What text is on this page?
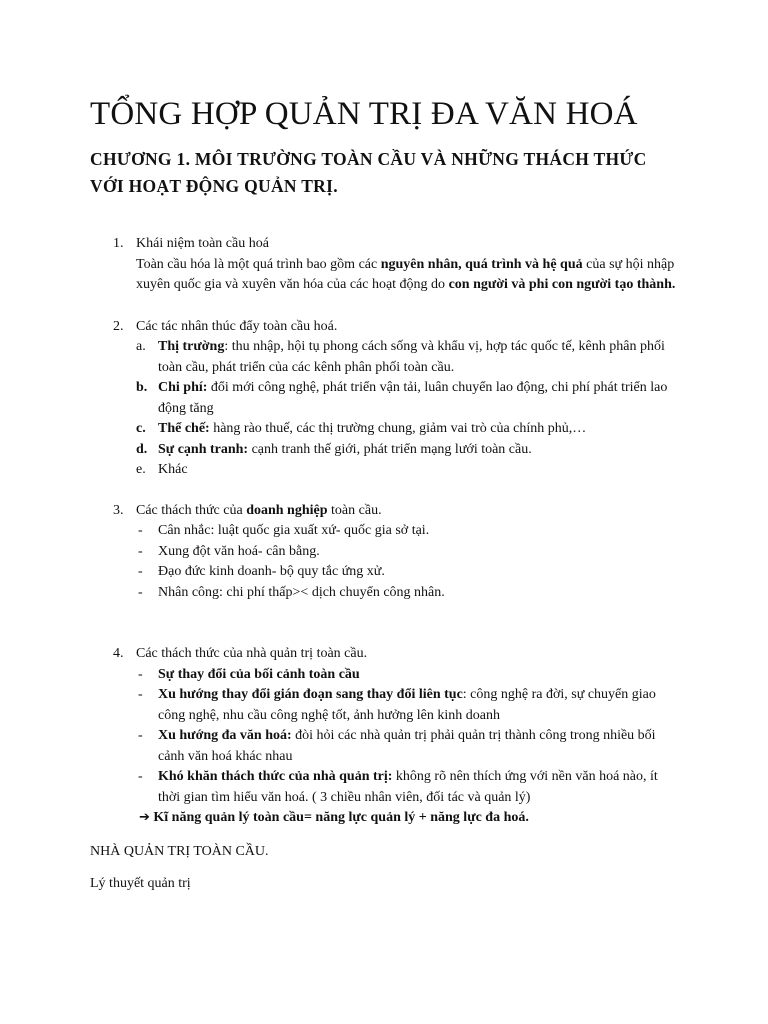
TỔNG HỢP QUẢN TRỊ ĐA VĂN HOÁ
CHƯƠNG 1. MÔI TRƯỜNG TOÀN CẦU VÀ NHỮNG THÁCH THỨC VỚI HOẠT ĐỘNG QUẢN TRỊ.
1. Khái niệm toàn cầu hoá
Toàn cầu hóa là một quá trình bao gồm các nguyên nhân, quá trình và hệ quả của sự hội nhập xuyên quốc gia và xuyên văn hóa của các hoạt động do con người và phi con người tạo thành.
2. Các tác nhân thúc đẩy toàn cầu hoá.
a. Thị trường: thu nhập, hội tụ phong cách sống và khẩu vị, hợp tác quốc tế, kênh phân phối toàn cầu, phát triển của các kênh phân phối toàn cầu.
b. Chi phí: đổi mới công nghệ, phát triển vận tải, luân chuyển lao động, chi phí phát triển lao động tăng
c. Thể chế: hàng rào thuế, các thị trường chung, giảm vai trò của chính phủ,…
d. Sự cạnh tranh: cạnh tranh thế giới, phát triển mạng lưới toàn cầu.
e. Khác
3. Các thách thức của doanh nghiệp toàn cầu.
- Cân nhắc: luật quốc gia xuất xứ- quốc gia sở tại.
- Xung đột văn hoá- cân bằng.
- Đạo đức kinh doanh- bộ quy tắc ứng xử.
- Nhân công: chi phí thấp>< dịch chuyển công nhân.
4. Các thách thức của nhà quản trị toàn cầu.
- Sự thay đổi của bối cảnh toàn cầu
- Xu hướng thay đổi gián đoạn sang thay đổi liên tục: công nghệ ra đời, sự chuyển giao công nghệ, nhu cầu công nghệ tốt, ảnh hưởng lên kinh doanh
- Xu hướng đa văn hoá: đòi hỏi các nhà quản trị phải quản trị thành công trong nhiều bối cảnh văn hoá khác nhau
- Khó khăn thách thức của nhà quản trị: không rõ nên thích ứng với nền văn hoá nào, ít thời gian tìm hiểu văn hoá. ( 3 chiều nhân viên, đối tác và quản lý)
➔ Kĩ năng quản lý toàn cầu= năng lực quản lý + năng lực đa hoá.
NHÀ QUẢN TRỊ TOÀN CẦU.
Lý thuyết quản trị
